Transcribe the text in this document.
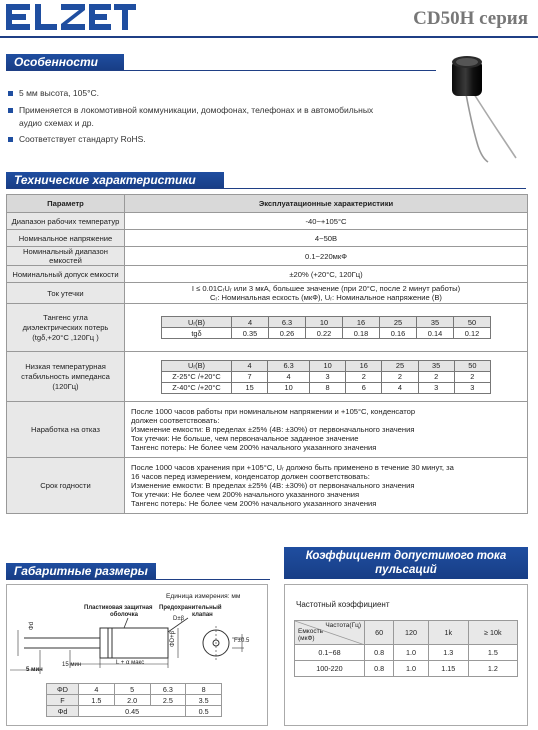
CD50H серия
Особенности
5 мм высота, 105°C.
Применяется в локомотивной коммуникации, домофонах, телефонах и в автомобильных
аудио схемах и др.
Соответствует стандарту RoHS.
Технические характеристики
Параметр	Эксплуатационные характеристики
Диапазон рабочих температур	-40~+105°C
Номинальное напряжение	4~50В
Номинальный диапазон емкостей	0.1~220мкФ
Номинальный допуск емкости	±20% (+20°C, 120Гц)
Ток утечки	I ≤ 0.01CᵣUᵣ или 3 мкА, большее значение (при 20°C, после 2 минут работы)
Cᵣ: Номинальная ескость (мкФ), Uᵣ: Номинальное напряжение (В)

Тангенс угла
диэлектрических потерь
(tgδ,+20°C ,120Гц )

Uᵣ(В)	4	6.3	10	16	25	35	50
tgδ	0.35	0.26	0.22	0.18	0.16	0.14	0.12

Низкая температурная
стабильность импеданса
(120Гц)

Uᵣ(В)	4	6.3	10	16	25	35	50
Z-25°C /+20°C	7	4	3	2	2	2	2
Z-40°C /+20°C	15	10	8	6	4	3	3

Наработка на отказ	
После 1000 часов работы при номинальном напряжении и +105°C, конденсатор
должен соответствовать:
Изменение емкости: В пределах ±25% (4В: ±30%) от первоначального значения
Ток утечки: Не больше, чем первоначальное заданное значение
Тангенс потерь: Не более чем 200% начального указанного значения

Срок годности	
После 1000 часов хранения при +105°C, Uᵣ должно быть применено в течение 30 минут, за
16 часов перед измерением, конденсатор должен соответствовать:
Изменение емкости: В пределах ±25% (4В: ±30%) от первоначального значения
Ток утечки: Не более чем 200% начального указанного значения
Тангенс потерь: Не более чем 200% начального указанного значения
Габаритные размеры
Единица измерения: мм
Пластиковая защитная
оболочка
Предохранительный
клапан
D±β
ΦD+β	F±0.5
5 мин
15 мин	L + α макс
Φd
ΦD	4	5	6.3	8
F	1.5	2.0	2.5	3.5
Φd	0.45			0.5
Коэффициент допустимого тока
пульсаций
Частотный коэффициент
Частота(Гц)
Емкость
(мкФ)	60	120	1k	≥ 10k
0.1~68	0.8	1.0	1.3	1.5
100-220	0.8	1.0	1.15	1.2
